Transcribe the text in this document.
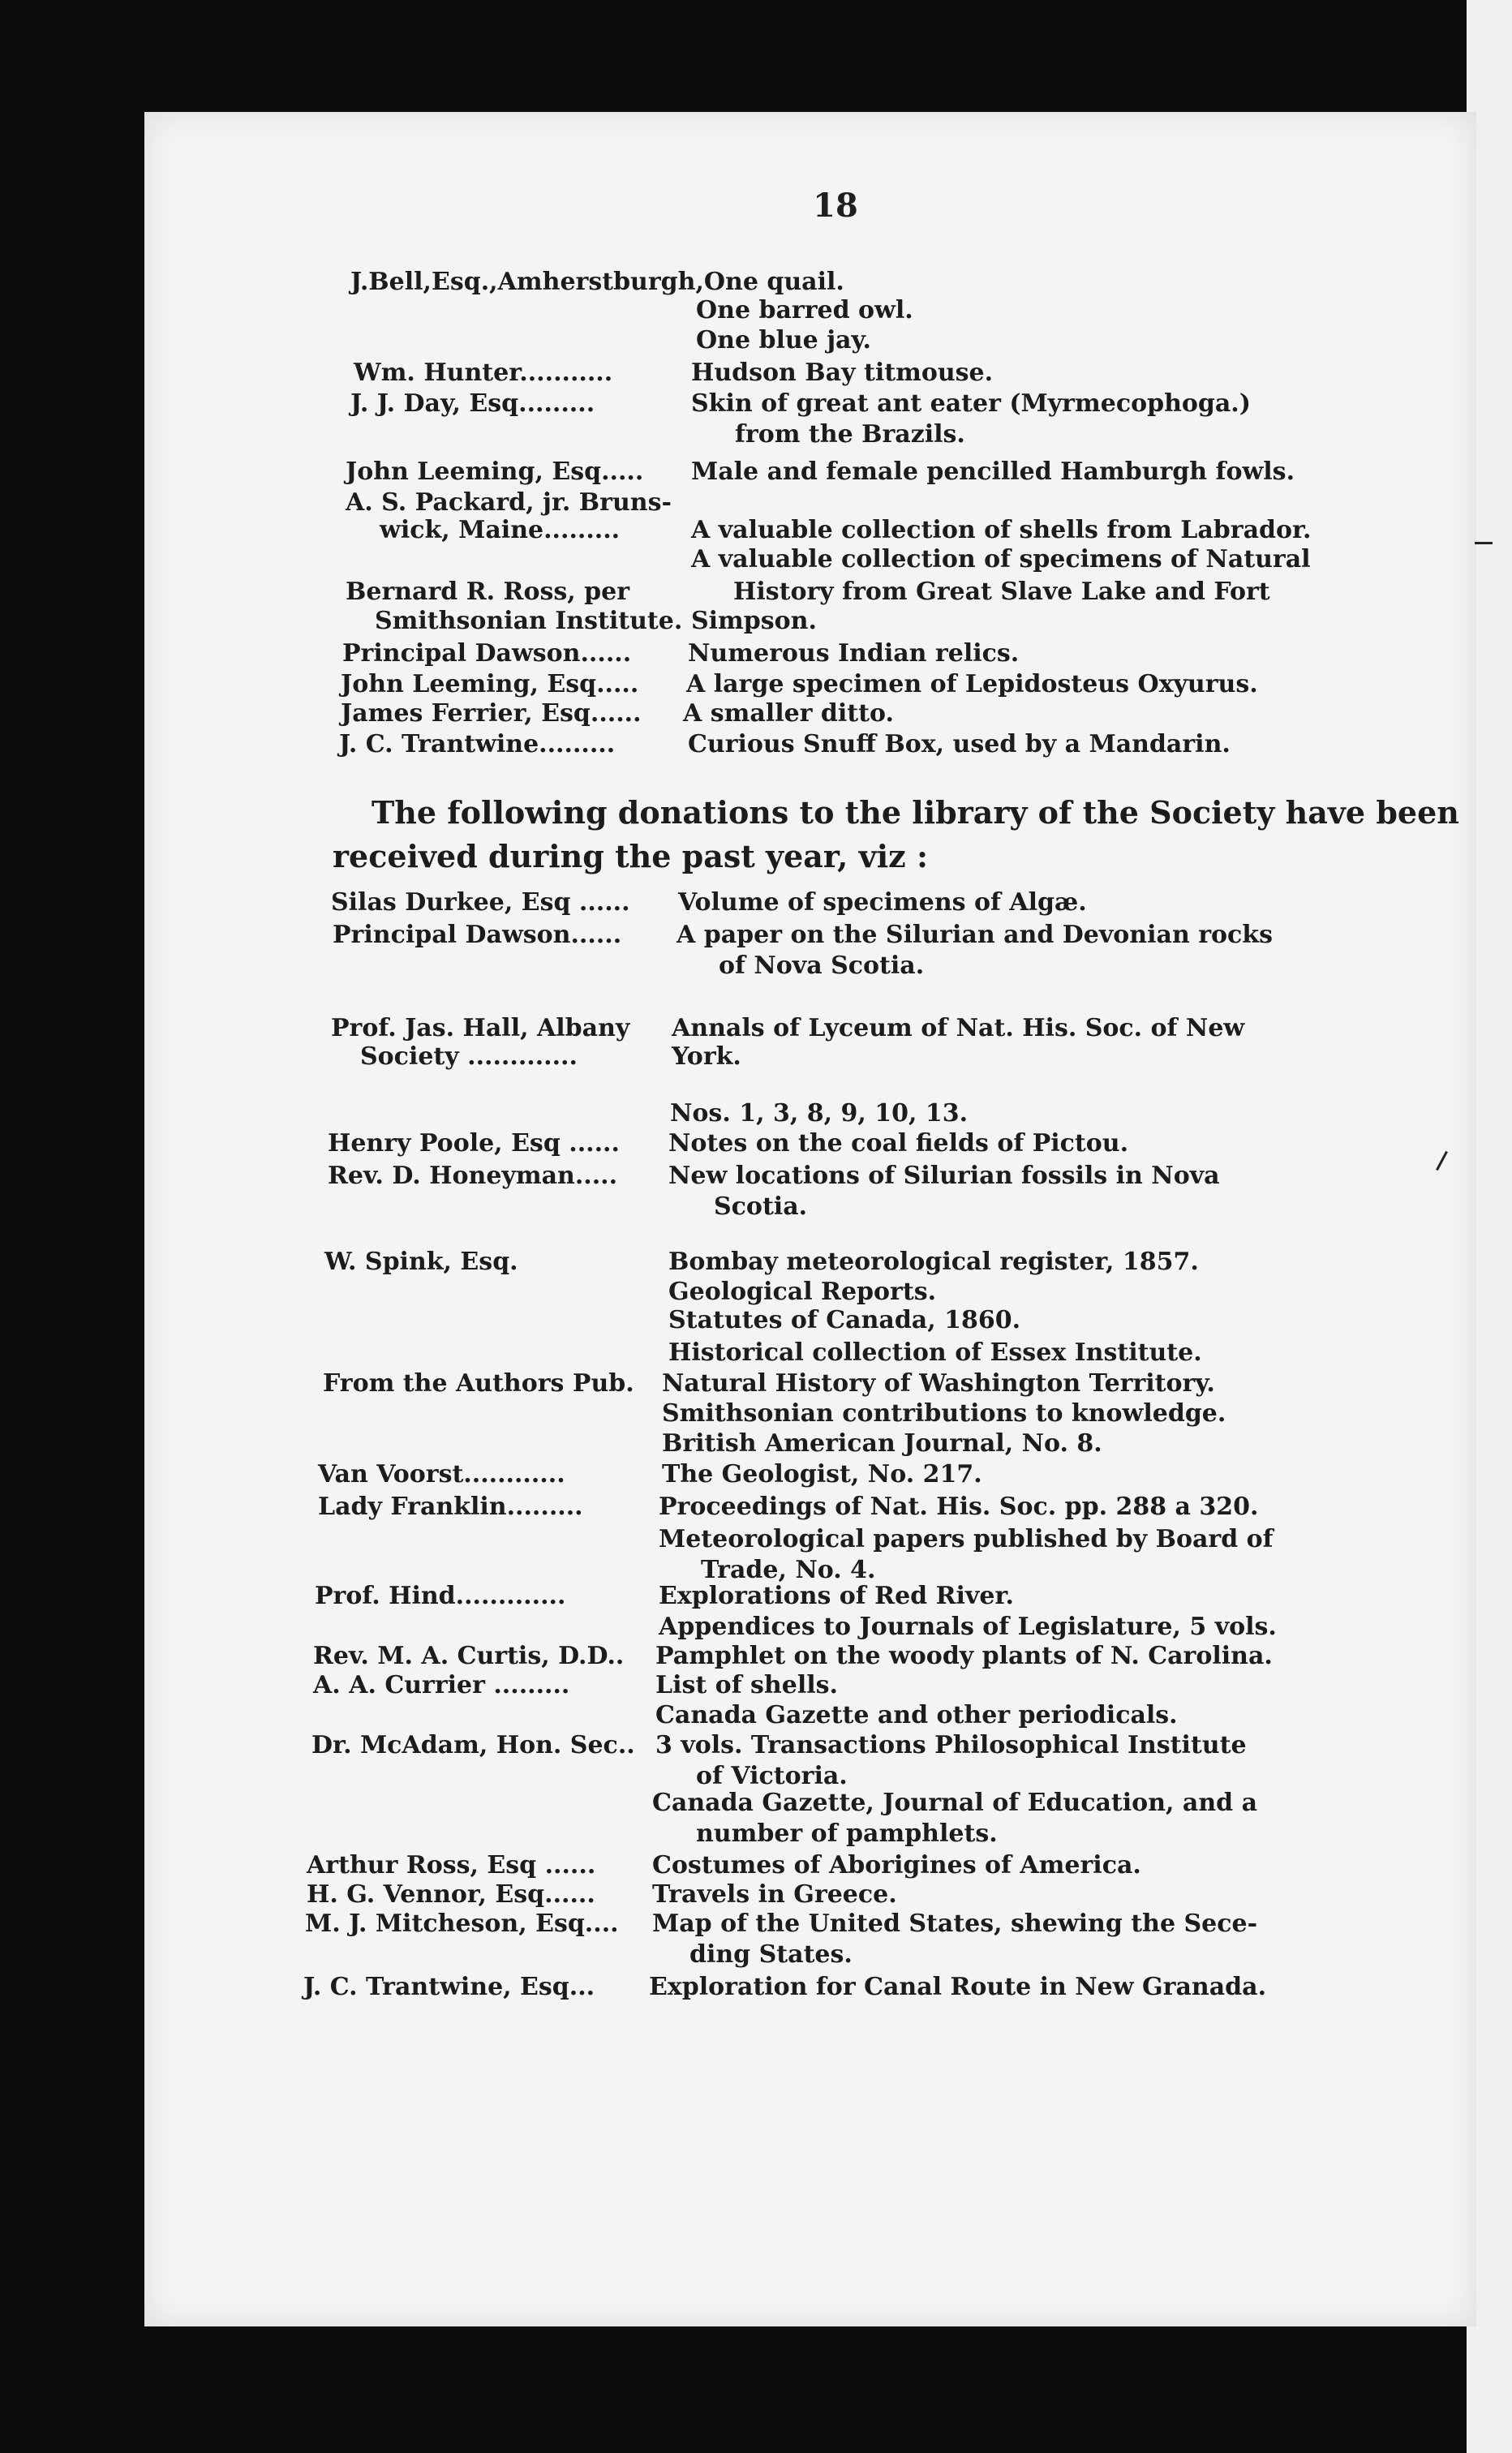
18
J.Bell,Esq.,Amherstburgh,One quail.
One barred owl.
One blue jay.
Wm. Hunter...........	Hudson Bay titmouse.
J. J. Day, Esq.........	Skin of great ant eater (Myrmecophoga.)
from the Brazils.
John Leeming, Esq.....	Male and female pencilled Hamburgh fowls.
A. S. Packard, jr. Bruns-
wick, Maine.........	A valuable collection of shells from Labrador.
A valuable collection of specimens of Natural
Bernard R. Ross, per	History from Great Slave Lake and Fort
Smithsonian Institute. Simpson.
Principal Dawson......	Numerous Indian relics.
John Leeming, Esq.....	A large specimen of Lepidosteus Oxyurus.
James Ferrier, Esq......	A smaller ditto.
J. C. Trantwine.........	Curious Snuff Box, used by a Mandarin.
The following donations to the library of the Society have been
received during the past year, viz :
Silas Durkee, Esq ......	Volume of specimens of Algæ.
Principal Dawson......	A paper on the Silurian and Devonian rocks
of Nova Scotia.
Prof. Jas. Hall, Albany	Annals of Lyceum of Nat. His. Soc. of New
Society .............	York.
Nos. 1, 3, 8, 9, 10, 13.
Henry Poole, Esq ......	Notes on the coal fields of Pictou.
Rev. D. Honeyman.....	New locations of Silurian fossils in Nova
Scotia.
W. Spink, Esq.	Bombay meteorological register, 1857.
Geological Reports.
Statutes of Canada, 1860.
Historical collection of Essex Institute.
From the Authors Pub.	Natural History of Washington Territory.
Smithsonian contributions to knowledge.
British American Journal, No. 8.
Van Voorst............	The Geologist, No. 217.
Lady Franklin.........	Proceedings of Nat. His. Soc. pp. 288 a 320.
Meteorological papers published by Board of
Trade, No. 4.
Prof. Hind.............	Explorations of Red River.
Appendices to Journals of Legislature, 5 vols.
Rev. M. A. Curtis, D.D..	Pamphlet on the woody plants of N. Carolina.
A. A. Currier .........	List of shells.
Canada Gazette and other periodicals.
Dr. McAdam, Hon. Sec.. 3 vols. Transactions Philosophical Institute
of Victoria.
Canada Gazette, Journal of Education, and a
number of pamphlets.
Arthur Ross, Esq ......	Costumes of Aborigines of America.
H. G. Vennor, Esq......	Travels in Greece.
M. J. Mitcheson, Esq....	Map of the United States, shewing the Sece-
ding States.
J. C. Trantwine, Esq...	Exploration for Canal Route in New Granada.
